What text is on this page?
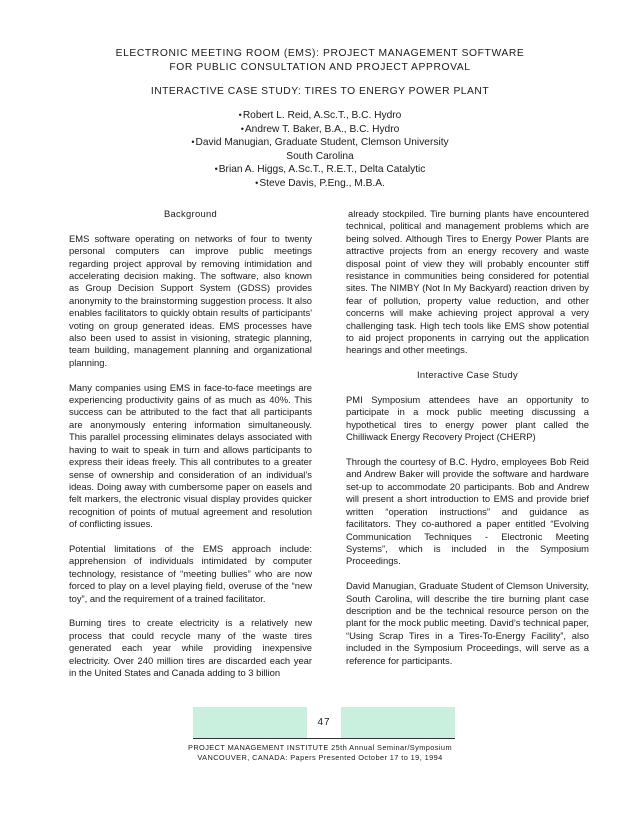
ELECTRONIC MEETING ROOM (EMS): PROJECT MANAGEMENT SOFTWARE
FOR PUBLIC CONSULTATION AND PROJECT APPROVAL
INTERACTIVE CASE STUDY: TIRES TO ENERGY POWER PLANT
•Robert L. Reid, A.Sc.T., B.C. Hydro
•Andrew T. Baker, B.A., B.C. Hydro
•David Manugian, Graduate Student, Clemson University
South Carolina
•Brian A. Higgs, A.Sc.T., R.E.T., Delta Catalytic
•Steve Davis, P.Eng., M.B.A.

Background

EMS software operating on networks of four to twenty personal computers can improve public meetings regarding project approval by removing intimidation and accelerating decision making. The software, also known as Group Decision Support System (GDSS) provides anonymity to the brainstorming suggestion process. It also enables facilitators to quickly obtain results of participants' voting on group generated ideas. EMS processes have also been used to assist in visioning, strategic planning, team building, management planning and organizational planning.

Many companies using EMS in face-to-face meetings are experiencing productivity gains of as much as 40%. This success can be attributed to the fact that all participants are anonymously entering information simultaneously. This parallel processing eliminates delays associated with having to wait to speak in turn and allows participants to express their ideas freely. This all contributes to a greater sense of ownership and consideration of an individual’s ideas. Doing away with cumbersome paper on easels and felt markers, the electronic visual display provides quicker recognition of points of mutual agreement and resolution of conflicting issues.

Potential limitations of the EMS approach include: apprehension of individuals intimidated by computer technology, resistance of “meeting bullies” who are now forced to play on a level playing field, overuse of the “new toy”, and the requirement of a trained facilitator.

Burning tires to create electricity is a relatively new process that could recycle many of the waste tires generated each year while providing inexpensive electricity. Over 240 million tires are discarded each year in the United States and Canada adding to 3 billion

already stockpiled. Tire burning plants have encountered technical, political and management problems which are being solved. Although Tires to Energy Power Plants are attractive projects from an energy recovery and waste disposal point of view they will probably encounter stiff resistance in communities being considered for potential sites. The NIMBY (Not In My Backyard) reaction driven by fear of pollution, property value reduction, and other concerns will make achieving project approval a very challenging task. High tech tools like EMS show potential to aid project proponents in carrying out the application hearings and other meetings.

Interactive Case Study

PMI Symposium attendees have an opportunity to participate in a mock public meeting discussing a hypothetical tires to energy power plant called the Chilliwack Energy Recovery Project (CHERP)

Through the courtesy of B.C. Hydro, employees Bob Reid and Andrew Baker will provide the software and hardware set-up to accommodate 20 participants. Bob and Andrew will present a short introduction to EMS and provide brief written “operation instructions” and guidance as facilitators. They co-authored a paper entitled “Evolving Communication Techniques - Electronic Meeting Systems”, which is included in the Symposium Proceedings.

David Manugian, Graduate Student of Clemson University, South Carolina, will describe the tire burning plant case description and be the technical resource person on the plant for the mock public meeting. David’s technical paper, “Using Scrap Tires in a Tires-To-Energy Facility”, also included in the Symposium Proceedings, will serve as a reference for participants.

47
PROJECT MANAGEMENT INSTITUTE 25th Annual Seminar/Symposium
VANCOUVER, CANADA: Papers Presented October 17 to 19, 1994
